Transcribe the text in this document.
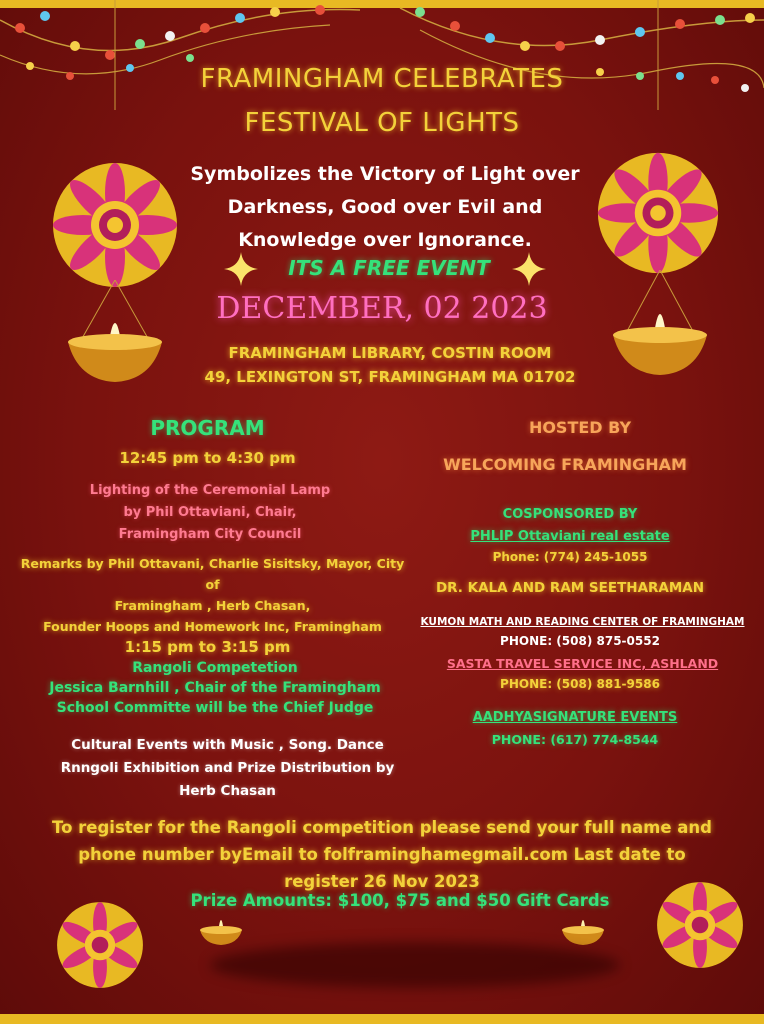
FRAMINGHAM CELEBRATES
FESTIVAL OF LIGHTS
Symbolizes the Victory of Light over
Darkness, Good over Evil and
Knowledge over Ignorance.
ITS A FREE EVENT
DECEMBER, 02 2023
FRAMINGHAM LIBRARY, COSTIN ROOM
49, LEXINGTON ST, FRAMINGHAM MA 01702
PROGRAM
12:45 pm to 4:30 pm
Lighting of the Ceremonial Lamp
by Phil Ottaviani, Chair,
Framingham City Council
Remarks by Phil Ottavani, Charlie Sisitsky, Mayor, City of
Framingham , Herb Chasan,
Founder Hoops and Homework Inc, Framingham
1:15 pm to 3:15 pm
Rangoli Competetion
Jessica Barnhill , Chair of the Framingham
School Committe will be the Chief Judge
Cultural Events with Music , Song. Dance
Rnngoli Exhibition and Prize Distribution by
Herb Chasan
HOSTED BY
WELCOMING FRAMINGHAM
COSPONSORED BY
PHLIP Ottaviani real estate
Phone: (774) 245-1055
DR. KALA AND RAM SEETHARAMAN
KUMON MATH AND READING CENTER OF FRAMINGHAM
PHONE: (508) 875-0552
SASTA TRAVEL SERVICE INC, ASHLAND
PHONE: (508) 881-9586
AADHYASIGNATURE EVENTS
PHONE: (617) 774-8544
To register for the Rangoli competition please send your full name and
phone number byEmail to folframinghamegmail.com Last date to
register 26 Nov 2023
Prize Amounts: $100, $75 and $50 Gift Cards
